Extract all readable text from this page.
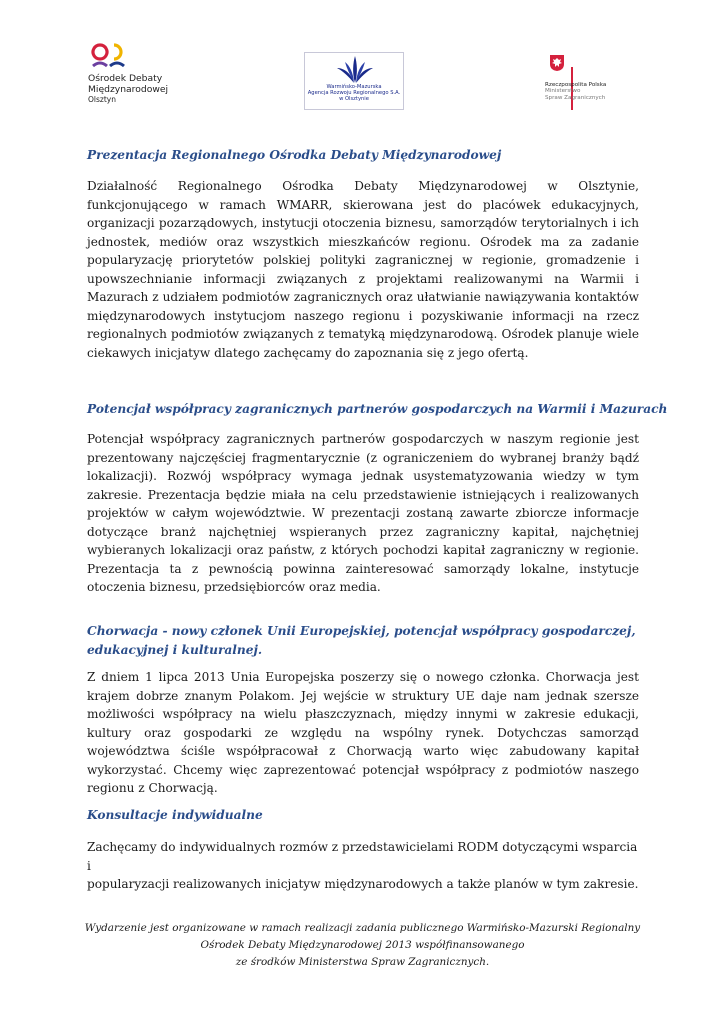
Ośrodek Debaty
Międzynarodowej
Olsztyn
Warmińsko-Mazurska
Agencja Rozwoju Regionalnego S.A.
w Olsztynie
Rzeczpospolita Polska
Ministerstwo
Spraw Zagranicznych
Prezentacja Regionalnego Ośrodka Debaty Międzynarodowej
Działalność Regionalnego Ośrodka Debaty Międzynarodowej w Olsztynie, funkcjonującego w ramach WMARR, skierowana jest do placówek edukacyjnych, organizacji pozarządowych, instytucji otoczenia biznesu, samorządów terytorialnych i ich jednostek, mediów oraz wszystkich mieszkańców regionu. Ośrodek ma za zadanie popularyzację priorytetów polskiej polityki zagranicznej w regionie, gromadzenie i upowszechnianie informacji związanych z projektami realizowanymi na Warmii i Mazurach z udziałem podmiotów zagranicznych oraz ułatwianie nawiązywania kontaktów międzynarodowych instytucjom naszego regionu i pozyskiwanie informacji na rzecz regionalnych podmiotów związanych z tematyką międzynarodową. Ośrodek planuje wiele ciekawych inicjatyw dlatego zachęcamy do zapoznania się z jego ofertą.
Potencjał współpracy zagranicznych partnerów gospodarczych na Warmii i Mazurach
Potencjał współpracy zagranicznych partnerów gospodarczych w naszym regionie jest prezentowany najczęściej fragmentarycznie (z ograniczeniem do wybranej branży bądź lokalizacji). Rozwój współpracy wymaga jednak usystematyzowania wiedzy w tym zakresie. Prezentacja będzie miała na celu przedstawienie istniejących i realizowanych projektów w całym województwie. W prezentacji zostaną zawarte zbiorcze informacje dotyczące branż najchętniej wspieranych przez zagraniczny kapitał, najchętniej wybieranych lokalizacji oraz państw, z których pochodzi kapitał zagraniczny w regionie. Prezentacja ta z pewnością powinna zainteresować samorządy lokalne, instytucje otoczenia biznesu, przedsiębiorców oraz media.
Chorwacja - nowy członek Unii Europejskiej, potencjał współpracy gospodarczej,
edukacyjnej i kulturalnej.
Z dniem 1 lipca 2013 Unia Europejska poszerzy się o nowego członka. Chorwacja jest krajem dobrze znanym Polakom. Jej wejście w struktury UE daje nam jednak szersze możliwości współpracy na wielu płaszczyznach, między innymi w zakresie edukacji, kultury oraz gospodarki ze względu na wspólny rynek. Dotychczas samorząd województwa ściśle współpracował z Chorwacją warto więc zabudowany kapitał wykorzystać. Chcemy więc zaprezentować potencjał współpracy z podmiotów naszego regionu z Chorwacją.
Konsultacje indywidualne
Zachęcamy do indywidualnych rozmów z przedstawicielami RODM dotyczącymi wsparcia i
popularyzacji realizowanych inicjatyw międzynarodowych a także planów w tym zakresie.
Wydarzenie jest organizowane w ramach realizacji zadania publicznego Warmińsko-Mazurski Regionalny
Ośrodek Debaty Międzynarodowej 2013 współfinansowanego
ze środków Ministerstwa Spraw Zagranicznych.
